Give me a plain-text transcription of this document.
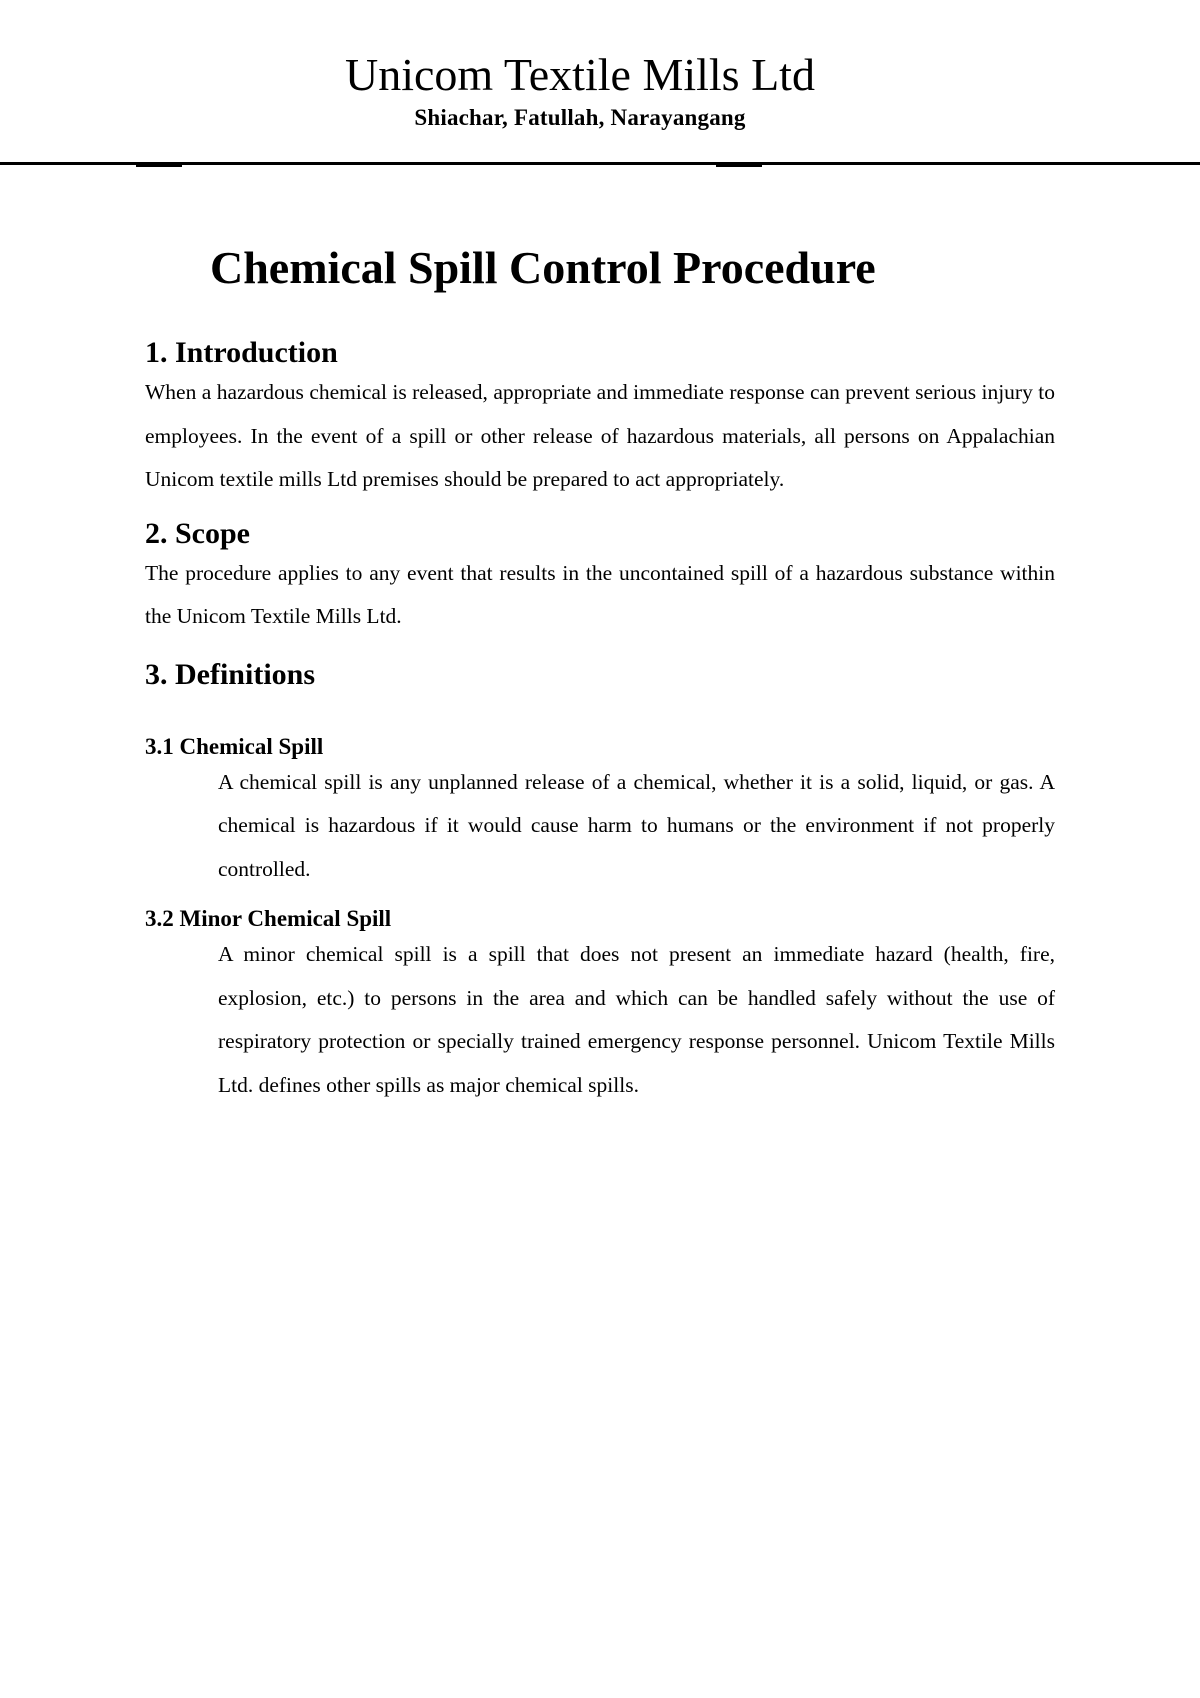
Unicom Textile Mills Ltd
Shiachar, Fatullah, Narayangang
Chemical Spill Control Procedure
1. Introduction

When a hazardous chemical is released, appropriate and immediate response can prevent serious injury to employees. In the event of a spill or other release of hazardous materials, all persons on Appalachian Unicom textile mills Ltd premises should be prepared to act appropriately.

2. Scope

The procedure applies to any event that results in the uncontained spill of a hazardous substance within the Unicom Textile Mills Ltd.

3. Definitions
3.1 Chemical Spill

A chemical spill is any unplanned release of a chemical, whether it is a solid, liquid, or gas. A chemical is hazardous if it would cause harm to humans or the environment if not properly controlled.

3.2 Minor Chemical Spill

A minor chemical spill is a spill that does not present an immediate hazard (health, fire, explosion, etc.) to persons in the area and which can be handled safely without the use of respiratory protection or specially trained emergency response personnel. Unicom Textile Mills Ltd. defines other spills as major chemical spills.
